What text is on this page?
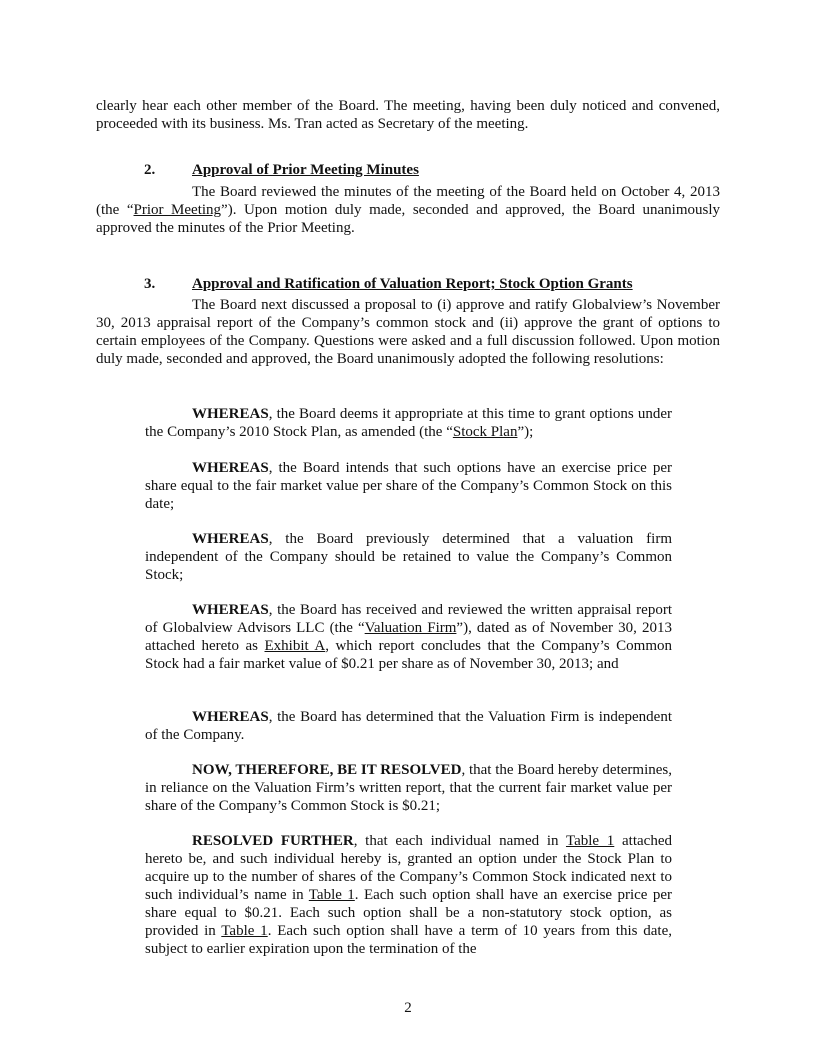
clearly hear each other member of the Board. The meeting, having been duly noticed and convened, proceeded with its business. Ms. Tran acted as Secretary of the meeting.

2. Approval of Prior Meeting Minutes

The Board reviewed the minutes of the meeting of the Board held on October 4, 2013 (the “Prior Meeting”). Upon motion duly made, seconded and approved, the Board unanimously approved the minutes of the Prior Meeting.

3. Approval and Ratification of Valuation Report; Stock Option Grants

The Board next discussed a proposal to (i) approve and ratify Globalview’s November 30, 2013 appraisal report of the Company’s common stock and (ii) approve the grant of options to certain employees of the Company. Questions were asked and a full discussion followed. Upon motion duly made, seconded and approved, the Board unanimously adopted the following resolutions:

WHEREAS, the Board deems it appropriate at this time to grant options under the Company’s 2010 Stock Plan, as amended (the “Stock Plan”);

WHEREAS, the Board intends that such options have an exercise price per share equal to the fair market value per share of the Company’s Common Stock on this date;

WHEREAS, the Board previously determined that a valuation firm independent of the Company should be retained to value the Company’s Common Stock;

WHEREAS, the Board has received and reviewed the written appraisal report of Globalview Advisors LLC (the “Valuation Firm”), dated as of November 30, 2013 attached hereto as Exhibit A, which report concludes that the Company’s Common Stock had a fair market value of $0.21 per share as of November 30, 2013; and

WHEREAS, the Board has determined that the Valuation Firm is independent of the Company.

NOW, THEREFORE, BE IT RESOLVED, that the Board hereby determines, in reliance on the Valuation Firm’s written report, that the current fair market value per share of the Company’s Common Stock is $0.21;

RESOLVED FURTHER, that each individual named in Table 1 attached hereto be, and such individual hereby is, granted an option under the Stock Plan to acquire up to the number of shares of the Company’s Common Stock indicated next to such individual’s name in Table 1. Each such option shall have an exercise price per share equal to $0.21. Each such option shall be a non-statutory stock option, as provided in Table 1. Each such option shall have a term of 10 years from this date, subject to earlier expiration upon the termination of the

2
